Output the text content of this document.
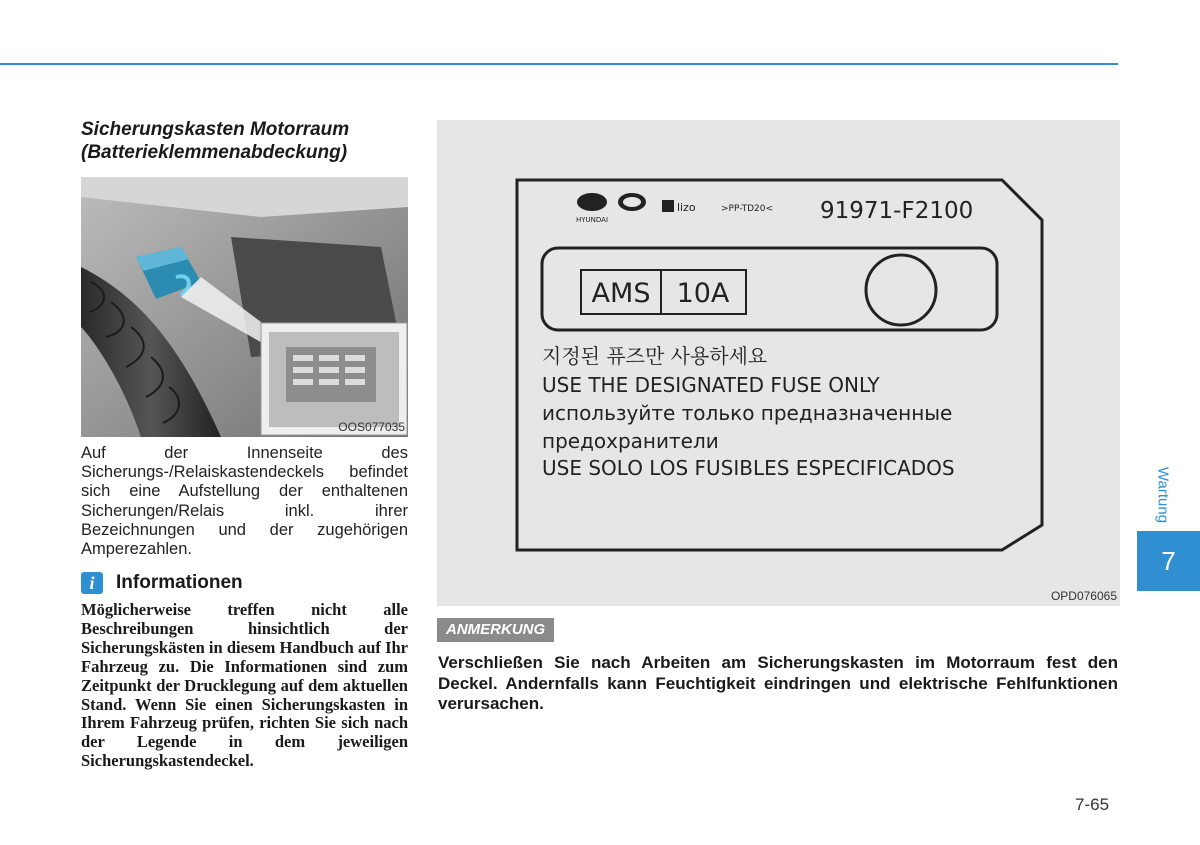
Sicherungskasten Motorraum
(Batterieklemmenabdeckung)
OOS077035
Auf der Innenseite des Sicherungs-/Relaiskastendeckels befindet sich eine Aufstellung der enthaltenen Sicherungen/Relais inkl. ihrer Bezeichnungen und der zugehörigen Amperezahlen.
i	Informationen
Möglicherweise treffen nicht alle Beschreibungen hinsichtlich der Sicherungskästen in diesem Handbuch auf Ihr Fahrzeug zu. Die Informationen sind zum Zeitpunkt der Drucklegung auf dem aktuellen Stand. Wenn Sie einen Sicherungskasten in Ihrem Fahrzeug prüfen, richten Sie sich nach der Legende in dem jeweiligen Sicherungskastendeckel.
HYUNDAI
lizo	>PP-TD20< 91971-F2100
AMS 10A
지정된 퓨즈만 사용하세요
USE THE DESIGNATED FUSE ONLY
используйте только предназначенные
предохранители
USE SOLO LOS FUSIBLES ESPECIFICADOS
OPD076065
ANMERKUNG
Verschließen Sie nach Arbeiten am Sicherungskasten im Motorraum fest den Deckel. Andernfalls kann Feuchtigkeit eindringen und elektrische Fehlfunktionen verursachen.
Wartung
7
7-65
